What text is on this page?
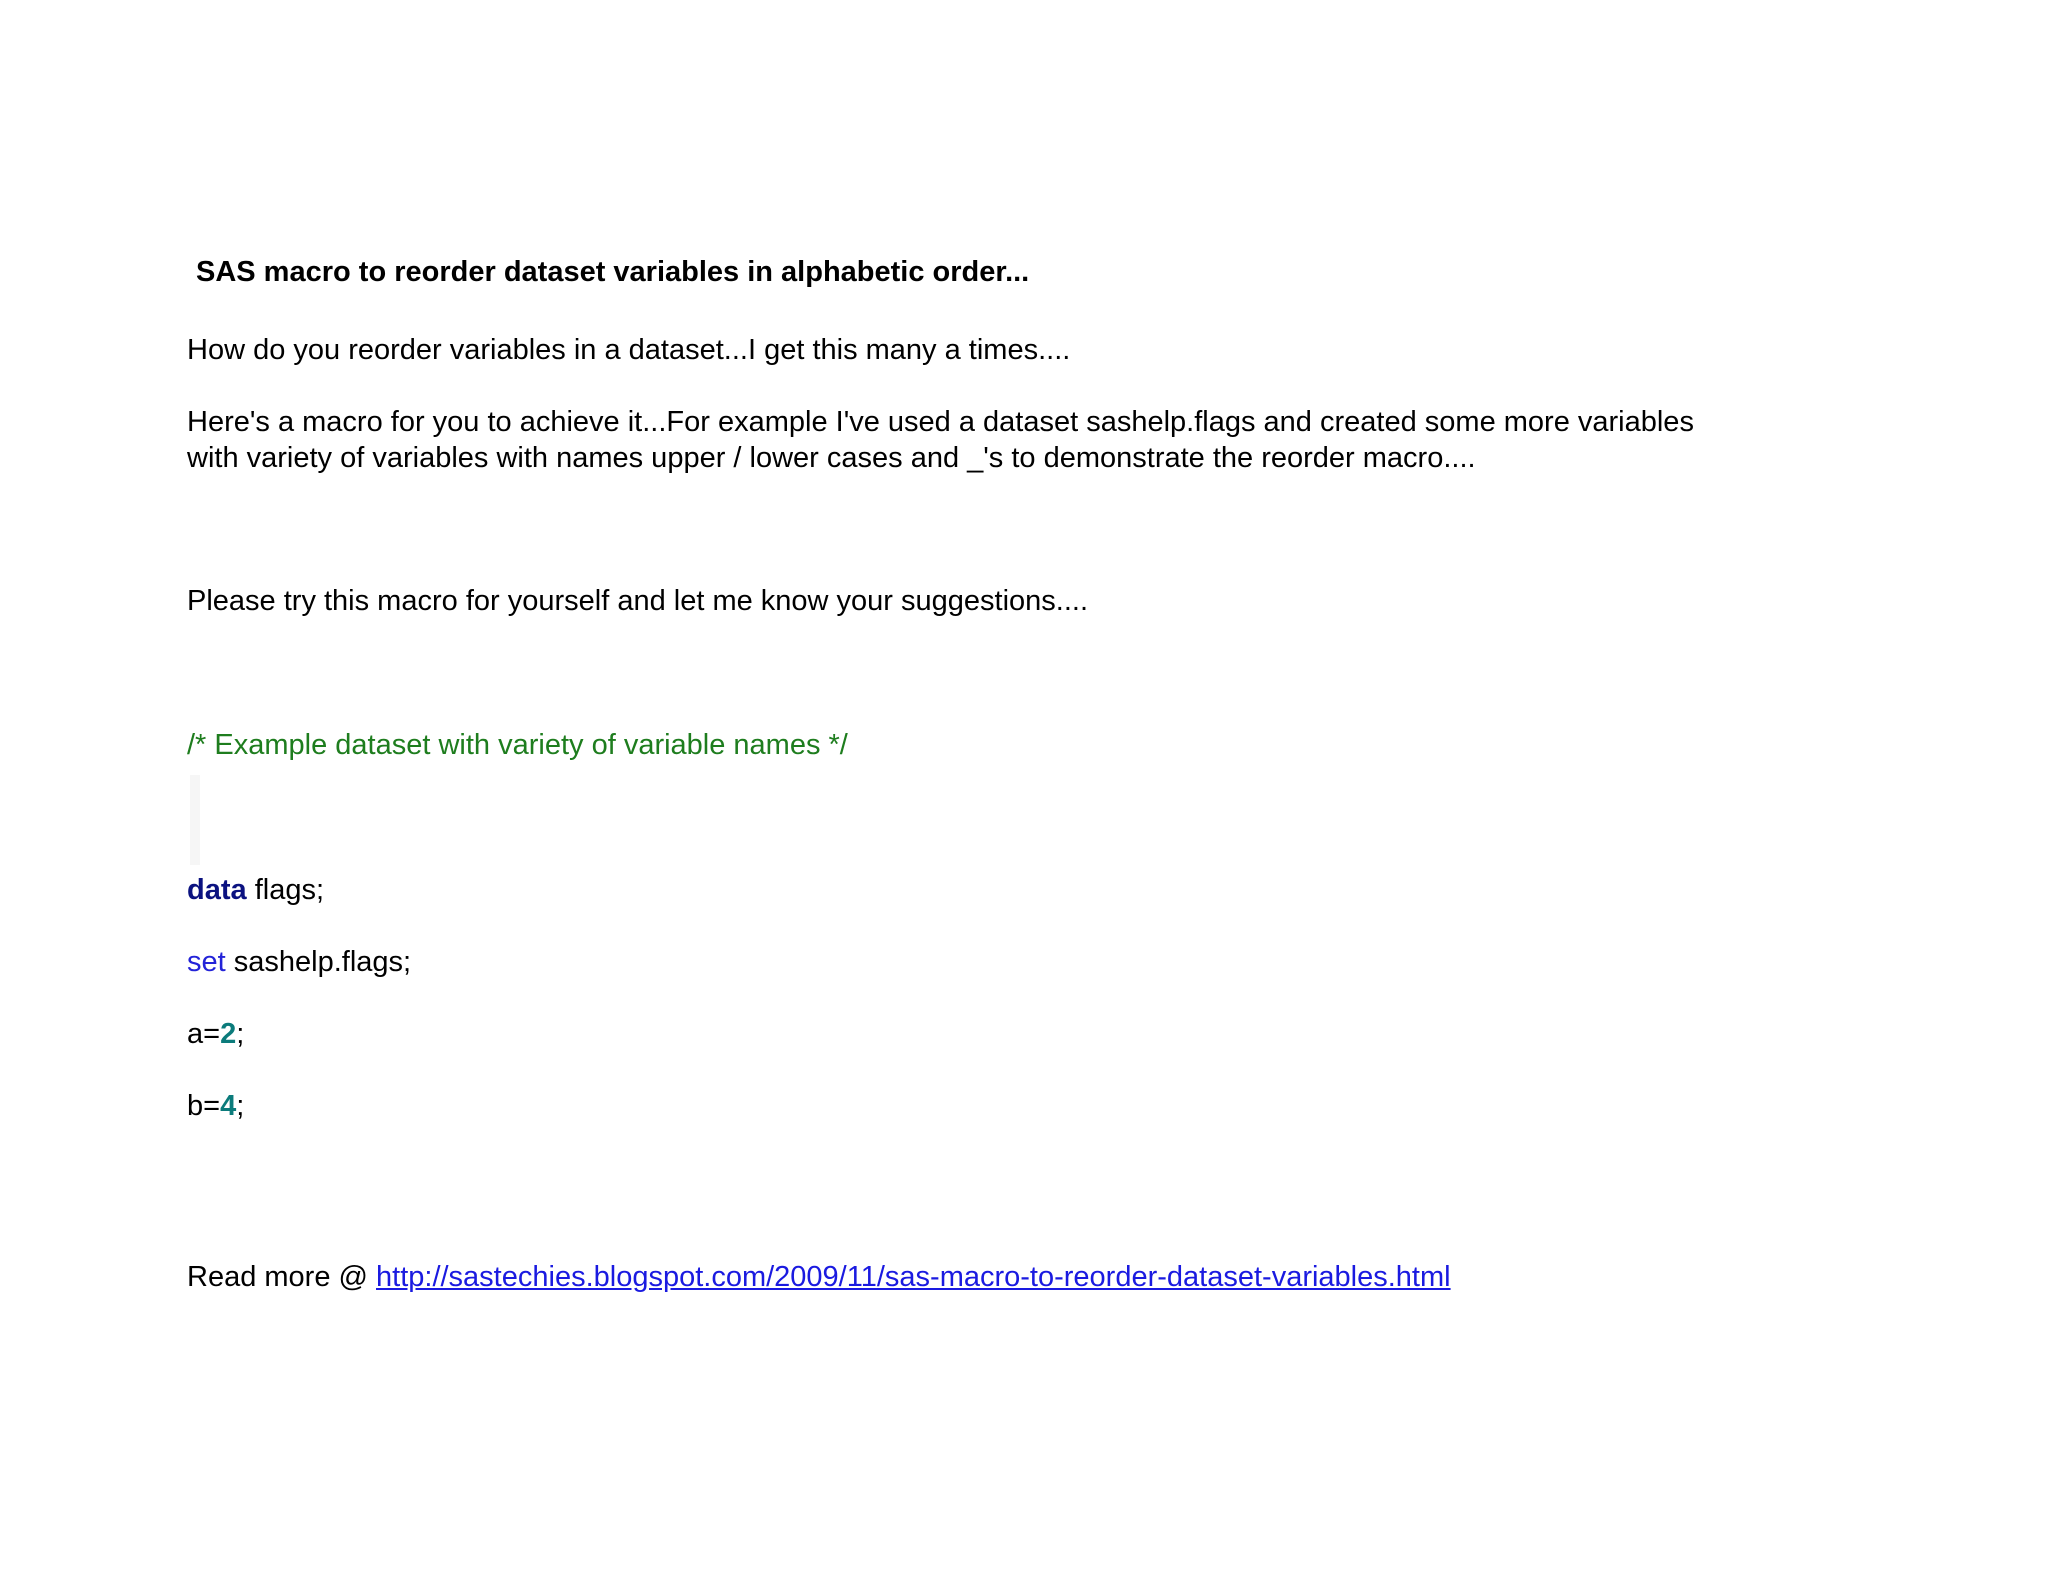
SAS macro to reorder dataset variables in alphabetic order...
How do you reorder variables in a dataset...I get this many a times....
Here's a macro for you to achieve it...For example I've used a dataset sashelp.flags and created some more variables
with variety of variables with names upper / lower cases and _'s to demonstrate the reorder macro....
Please try this macro for yourself and let me know your suggestions....
/* Example dataset with variety of variable names */
data flags;
set sashelp.flags;
a=2;
b=4;
Read more @ http://sastechies.blogspot.com/2009/11/sas-macro-to-reorder-dataset-variables.html
